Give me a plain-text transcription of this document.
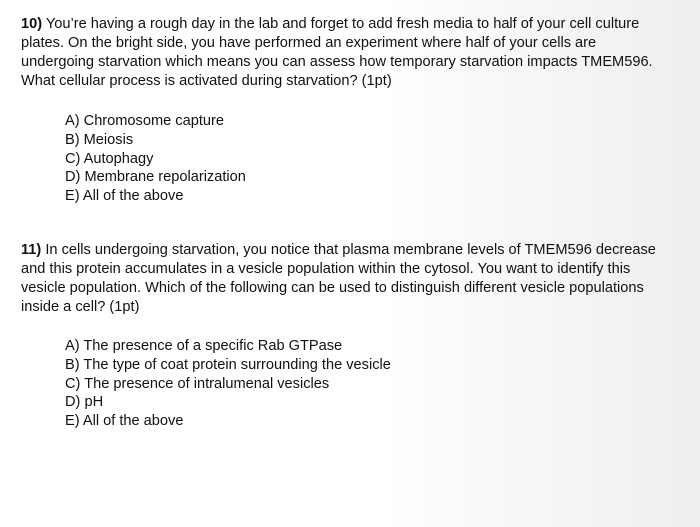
10) You’re having a rough day in the lab and forget to add fresh media to half of your cell culture plates. On the bright side, you have performed an experiment where half of your cells are undergoing starvation which means you can assess how temporary starvation impacts TMEM596. What cellular process is activated during starvation? (1pt)

A) Chromosome capture
B) Meiosis
C) Autophagy
D) Membrane repolarization
E) All of the above

11) In cells undergoing starvation, you notice that plasma membrane levels of TMEM596 decrease and this protein accumulates in a vesicle population within the cytosol. You want to identify this vesicle population. Which of the following can be used to distinguish different vesicle populations inside a cell? (1pt)

A) The presence of a specific Rab GTPase
B) The type of coat protein surrounding the vesicle
C) The presence of intralumenal vesicles
D) pH
E) All of the above
